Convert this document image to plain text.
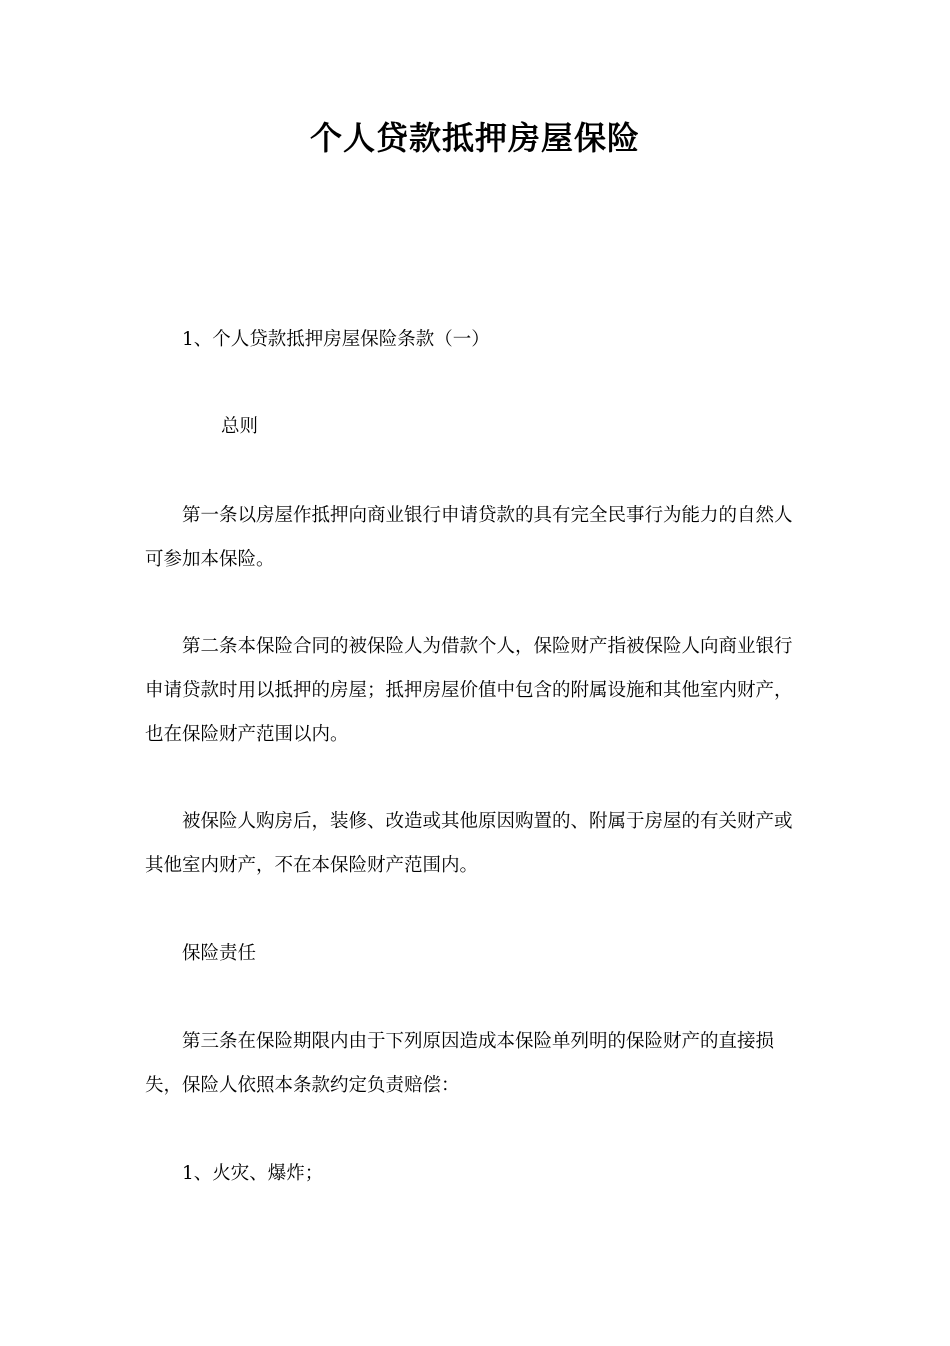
个人贷款抵押房屋保险

1、个人贷款抵押房屋保险条款（一）

总则

第一条以房屋作抵押向商业银行申请贷款的具有完全民事行为能力的自然人可参加本保险。

第二条本保险合同的被保险人为借款个人，保险财产指被保险人向商业银行申请贷款时用以抵押的房屋；抵押房屋价值中包含的附属设施和其他室内财产，也在保险财产范围以内。

被保险人购房后，装修、改造或其他原因购置的、附属于房屋的有关财产或其他室内财产，不在本保险财产范围内。

保险责任

第三条在保险期限内由于下列原因造成本保险单列明的保险财产的直接损失，保险人依照本条款约定负责赔偿：

1、火灾、爆炸；
